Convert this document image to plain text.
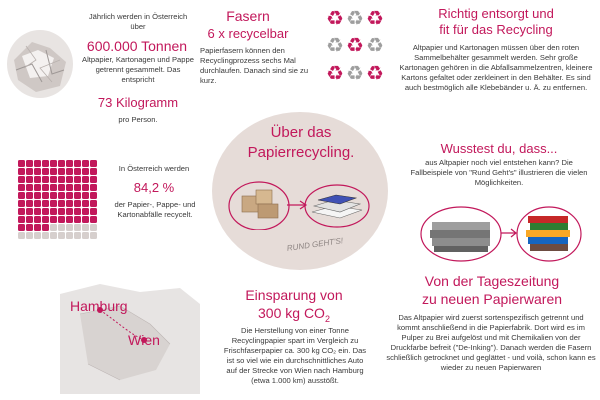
Jährlich werden in Österreich über
600.000 Tonnen
Altpapier, Kartonagen und Pappe getrennt gesammelt. Das entspricht
73 Kilogramm
pro Person.
Fasern
6 x recycelbar
Papierfasern können den Recyclingprozess sechs Mal durchlaufen. Danach sind sie zu kurz.
♻ ♻ ♻
♻ ♻ ♻
♻ ♻ ♻
Richtig entsorgt und
fit für das Recycling
Altpapier und Kartonagen müssen über den roten Sammelbehälter gesammelt werden. Sehr große Kartonagen gehören in die Abfallsammelzentren, kleinere Kartons gefaltet oder zerkleinert in den Behälter. Es sind auch bestmöglich alle Klebebänder u. Ä. zu entfernen.
Über das
Papierrecycling.
RUND GEHT'S!
In Österreich werden
84,2 %
der Papier-, Pappe- und Kartonabfälle recycelt.
Wusstest du, dass...
aus Altpapier noch viel entstehen kann? Die Fallbeispiele von "Rund Geht's" illustrieren die vielen Möglichkeiten.
Hamburg
Wien
Einsparung von
300 kg $CO_2$
Die Herstellung von einer Tonne Recyclingpapier spart im Vergleich zu Frischfaserpapier ca. 300 kg CO₂ ein. Das ist so viel wie ein durchschnittliches Auto auf der Strecke von Wien nach Hamburg (etwa 1.000 km) ausstößt.
Von der Tageszeitung
zu neuen Papierwaren
Das Altpapier wird zuerst sortenspezifisch getrennt und kommt anschließend in die Papierfabrik. Dort wird es im Pulper zu Brei aufgelöst und mit Chemikalien von der Druckfarbe befreit ("De-Inking"). Danach werden die Fasern schließlich getrocknet und geglättet - und voilà, schon kann es wieder zu neuen Papierwaren
